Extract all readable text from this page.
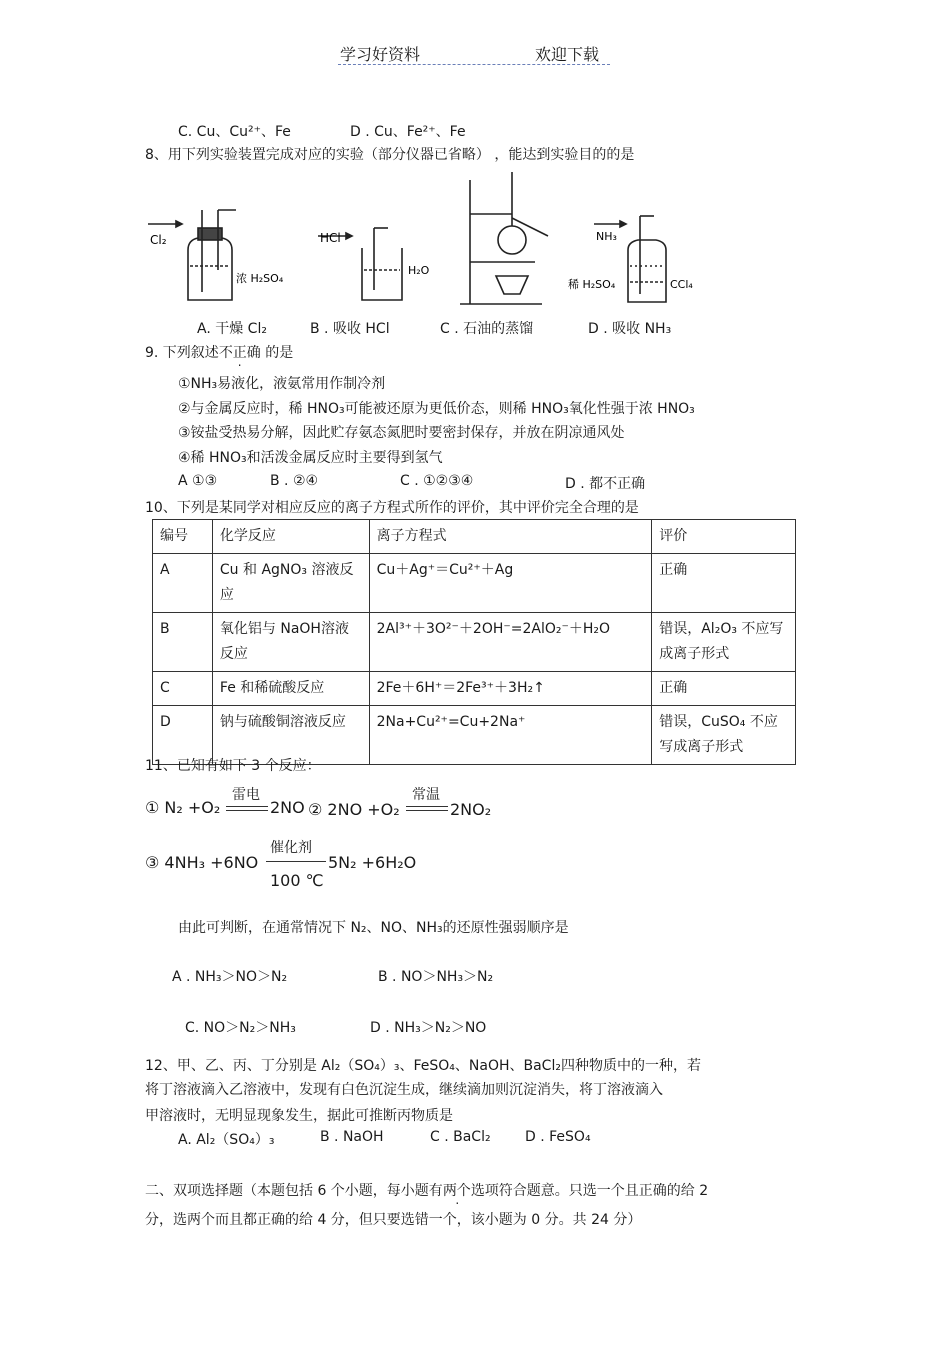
学习好资料	欢迎下载
C. Cu、Cu²⁺、Fe	D . Cu、Fe²⁺、Fe
8、用下列实验装置完成对应的实验（部分仪器已省略） ，能达到实验目的的是
Cl₂
浓 H₂SO₄
HCl
H₂O
NH₃
稀 H₂SO₄	CCl₄
A. 干燥 Cl₂	B . 吸收 HCl	C . 石油的蒸馏	D . 吸收 NH₃
9. 下列叙述不正确 的是
①NH₃易液化，液氨常用作制冷剂
②与金属反应时，稀 HNO₃可能被还原为更低价态，则稀 HNO₃氧化性强于浓 HNO₃
③铵盐受热易分解，因此贮存氨态氮肥时要密封保存，并放在阴凉通风处
④稀 HNO₃和活泼金属反应时主要得到氢气
A ①③	B . ②④	C . ①②③④	D . 都不正确
10、下列是某同学对相应反应的离子方程式所作的评价，其中评价完全合理的是
编号	化学反应	离子方程式	评价
A	Cu 和 AgNO₃ 溶液反应	Cu＋Ag⁺＝Cu²⁺＋Ag	正确
B	氧化铝与 NaOH溶液反应	2Al³⁺＋3O²⁻＋2OH⁻=2AlO₂⁻＋H₂O	错误，Al₂O₃ 不应写成离子形式
C	Fe 和稀硫酸反应	2Fe＋6H⁺＝2Fe³⁺＋3H₂↑	正确
D	钠与硫酸铜溶液反应	2Na+Cu²⁺=Cu+2Na⁺	错误，CuSO₄ 不应写成离子形式
11、已知有如下 3 个反应：
① N₂ +O₂
雷电
2NO ② 2NO +O₂
常温
2NO₂
③ 4NH₃ +6NO
催化剂
100 ℃
5N₂ +6H₂O
由此可判断，在通常情况下 N₂、NO、NH₃的还原性强弱顺序是
A . NH₃＞NO＞N₂	B . NO＞NH₃＞N₂
C. NO＞N₂＞NH₃	D . NH₃＞N₂＞NO
12、甲、乙、丙、丁分别是 Al₂（SO₄）₃、FeSO₄、NaOH、BaCl₂四种物质中的一种，若
将丁溶液滴入乙溶液中，发现有白色沉淀生成，继续滴加则沉淀消失，将丁溶液滴入
甲溶液时，无明显现象发生，据此可推断丙物质是
A. Al₂（SO₄）₃	B . NaOH	C . BaCl₂ D . FeSO₄
二、双项选择题（本题包括 6 个小题，每小题有两个选项符合题意。只选一个且正确的给 2
分，选两个而且都正确的给 4 分，但只要选错一个，该小题为 0 分。共 24 分）
